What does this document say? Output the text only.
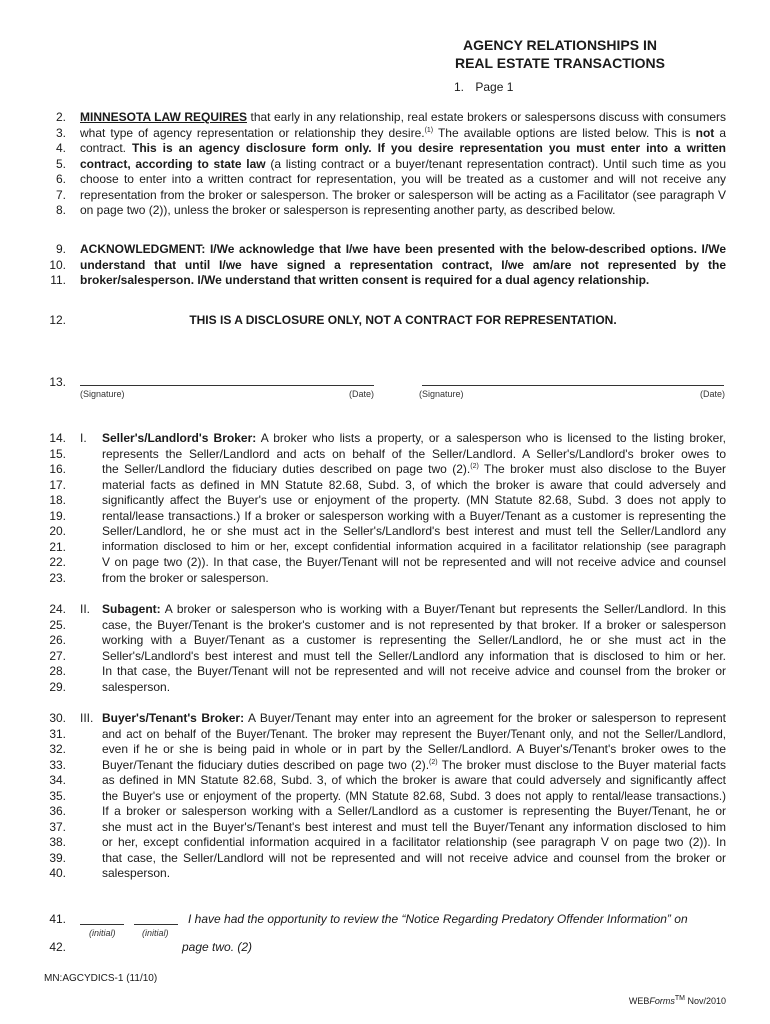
AGENCY RELATIONSHIPS IN
REAL ESTATE TRANSACTIONS
1. Page 1
2.
3.
4.
5.
6.
7.
8.
MINNESOTA LAW REQUIRES that early in any relationship, real estate brokers or salespersons discuss with consumers what type of agency representation or relationship they desire.$^{(1)}$ The available options are listed below. This is not a contract. This is an agency disclosure form only. If you desire representation you must enter into a written contract, according to state law (a listing contract or a buyer/tenant representation contract). Until such time as you choose to enter into a written contract for representation, you will be treated as a customer and will not receive any representation from the broker or salesperson. The broker or salesperson will be acting as a Facilitator (see paragraph V on page two (2)), unless the broker or salesperson is representing another party, as described below.
9.
10.
11.
ACKNOWLEDGMENT: I/We acknowledge that I/we have been presented with the below-described options. I/We understand that until I/we have signed a representation contract, I/we am/are not represented by the broker/salesperson. I/We understand that written consent is required for a dual agency relationship.
12.	THIS IS A DISCLOSURE ONLY, NOT A CONTRACT FOR REPRESENTATION.
13.
(Signature)	(Date)	(Signature)	(Date)
14. I. Seller's/Landlord's Broker: A broker who lists a property, or a salesperson who is licensed to the listing broker,
15.	represents the Seller/Landlord and acts on behalf of the Seller/Landlord. A Seller's/Landlord's broker owes to
16.	the Seller/Landlord the fiduciary duties described on page two (2).$^{(2)}$ The broker must also disclose to the Buyer
17.	material facts as defined in MN Statute 82.68, Subd. 3, of which the broker is aware that could adversely and
18.	significantly affect the Buyer's use or enjoyment of the property. (MN Statute 82.68, Subd. 3 does not apply to
19.	rental/lease transactions.) If a broker or salesperson working with a Buyer/Tenant as a customer is representing the
20.	Seller/Landlord, he or she must act in the Seller's/Landlord's best interest and must tell the Seller/Landlord any
21.	information disclosed to him or her, except confidential information acquired in a facilitator relationship (see paragraph
22.	V on page two (2)). In that case, the Buyer/Tenant will not be represented and will not receive advice and counsel
23.	from the broker or salesperson.
24. II. Subagent: A broker or salesperson who is working with a Buyer/Tenant but represents the Seller/Landlord. In this
25.	case, the Buyer/Tenant is the broker's customer and is not represented by that broker. If a broker or salesperson
26.	working with a Buyer/Tenant as a customer is representing the Seller/Landlord, he or she must act in the
27.	Seller's/Landlord's best interest and must tell the Seller/Landlord any information that is disclosed to him or her.
28.	In that case, the Buyer/Tenant will not be represented and will not receive advice and counsel from the broker or
29.	salesperson.
30. III. Buyer's/Tenant's Broker: A Buyer/Tenant may enter into an agreement for the broker or salesperson to represent
31.	and act on behalf of the Buyer/Tenant. The broker may represent the Buyer/Tenant only, and not the Seller/Landlord,
32.	even if he or she is being paid in whole or in part by the Seller/Landlord. A Buyer's/Tenant's broker owes to the
33.	Buyer/Tenant the fiduciary duties described on page two (2).$^{(2)}$ The broker must disclose to the Buyer material facts
34.	as defined in MN Statute 82.68, Subd. 3, of which the broker is aware that could adversely and significantly affect
35.	the Buyer's use or enjoyment of the property. (MN Statute 82.68, Subd. 3 does not apply to rental/lease transactions.)
36.	If a broker or salesperson working with a Seller/Landlord as a customer is representing the Buyer/Tenant, he or
37.	she must act in the Buyer's/Tenant's best interest and must tell the Buyer/Tenant any information disclosed to him
38.	or her, except confidential information acquired in a facilitator relationship (see paragraph V on page two (2)). In
39.	that case, the Seller/Landlord will not be represented and will not receive advice and counsel from the broker or
40.	salesperson.
41.
(initial)	(initial)
I have had the opportunity to review the “Notice Regarding Predatory Offender Information” on
42.	page two. (2)
MN:AGCYDICS-1 (11/10)
WEBForms™ Nov/2010
